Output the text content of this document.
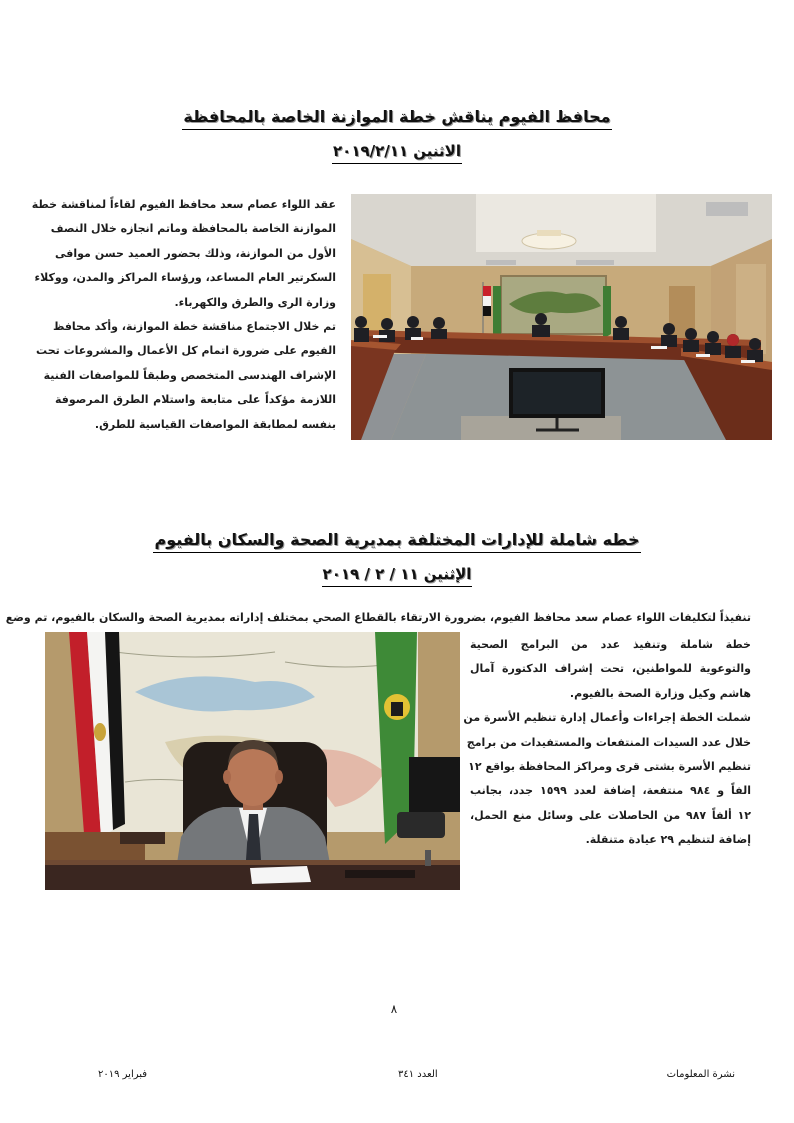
محافظ الفيوم يناقش خطة الموازنة الخاصة بالمحافظة
الاثنين ٢٠١٩/٢/١١
عقد اللواء عصام سعد محافظ الفيوم لقاءاً لمناقشة خطة
الموازنة الخاصة بالمحافظة وماتم انجازه خلال النصف
الأول من الموازنة، وذلك بحضور العميد حسن موافى
السكرتير العام المساعد، ورؤساء المراكز والمدن، ووكلاء
وزارة الرى والطرق والكهرباء.
تم خلال الاجتماع مناقشة خطة الموازنة، وأكد محافظ
الفيوم على ضرورة اتمام كل الأعمال والمشروعات تحت
الإشراف الهندسى المتخصص وطبقاً للمواصفات الفنية
اللازمة مؤكداً على متابعة واستلام الطرق المرصوفة
بنفسه لمطابقة المواصفات القياسية للطرق.
خطه شاملة للإدارات المختلفة بمديرية الصحة والسكان بالفيوم
الإثنين ١١ / ٢ / ٢٠١٩
تنفيذاً لتكليفات اللواء عصام سعد محافظ الفيوم، بضرورة الارتقاء بالقطاع الصحي بمختلف إداراته بمديرية الصحة والسكان بالفيوم، تم وضع
خطة شاملة وتنفيذ عدد من البرامج الصحية
والتوعوية للمواطنين، تحت إشراف الدكتورة آمال
هاشم وكيل وزارة الصحة بالفيوم.
شملت الخطة إجراءات وأعمال إدارة تنظيم الأسرة من
خلال عدد السيدات المنتفعات والمستفيدات من برامج
تنظيم الأسرة بشتى قرى ومراكز المحافظة بواقع ١٢
الفاً و ٩٨٤ منتفعة، إضافة لعدد ١٥٩٩ جدد، بجانب
١٢ ألفاً ٩٨٧ من الحاصلات على وسائل منع الحمل،
إضافة لتنظيم ٢٩ عيادة متنقلة.
٨
فبراير ٢٠١٩	العدد ٣٤١	نشرة المعلومات
